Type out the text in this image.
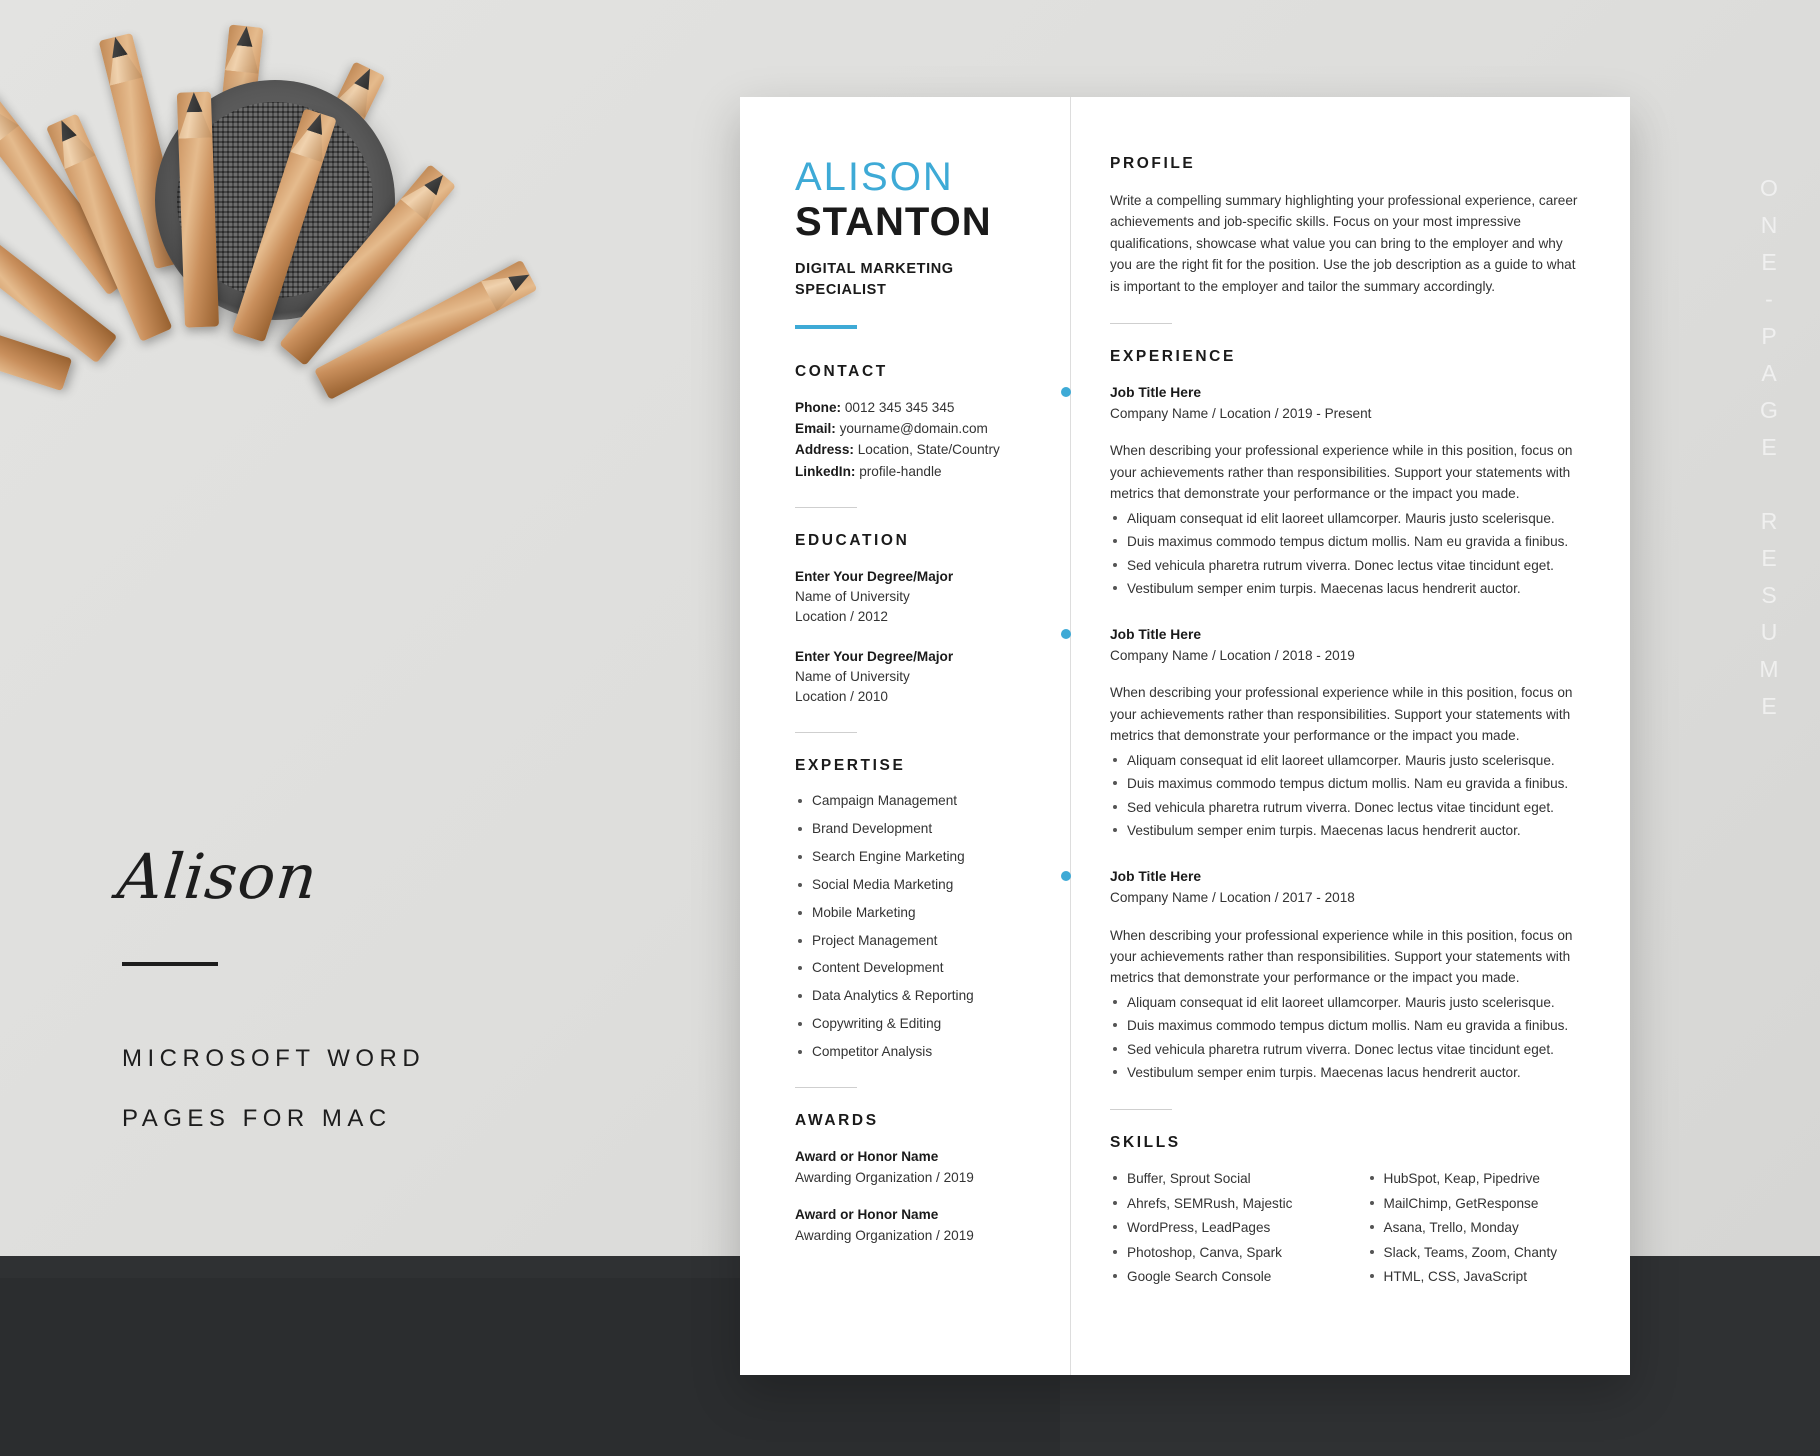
Alison
MICROSOFT WORD
PAGES FOR MAC
ONE-PAGE RESUME
ALISON
STANTON
DIGITAL MARKETING SPECIALIST
CONTACT
Phone: 0012 345 345 345
Email: yourname@domain.com
Address: Location, State/Country
LinkedIn: profile-handle
EDUCATION
Enter Your Degree/Major
Name of University
Location / 2012
Enter Your Degree/Major
Name of University
Location / 2010
EXPERTISE
Campaign Management
Brand Development
Search Engine Marketing
Social Media Marketing
Mobile Marketing
Project Management
Content Development
Data Analytics & Reporting
Copywriting & Editing
Competitor Analysis
AWARDS
Award or Honor Name
Awarding Organization / 2019
Award or Honor Name
Awarding Organization / 2019
PROFILE
Write a compelling summary highlighting your professional experience, career achievements and job-specific skills. Focus on your most impressive qualifications, showcase what value you can bring to the employer and why you are the right fit for the position. Use the job description as a guide to what is important to the employer and tailor the summary accordingly.
EXPERIENCE
Job Title Here
Company Name / Location / 2019 - Present
When describing your professional experience while in this position, focus on your achievements rather than responsibilities. Support your statements with metrics that demonstrate your performance or the impact you made.
Aliquam consequat id elit laoreet ullamcorper. Mauris justo scelerisque.
Duis maximus commodo tempus dictum mollis. Nam eu gravida a finibus.
Sed vehicula pharetra rutrum viverra. Donec lectus vitae tincidunt eget.
Vestibulum semper enim turpis. Maecenas lacus hendrerit auctor.
Job Title Here
Company Name / Location / 2018 - 2019
When describing your professional experience while in this position, focus on your achievements rather than responsibilities. Support your statements with metrics that demonstrate your performance or the impact you made.
Aliquam consequat id elit laoreet ullamcorper. Mauris justo scelerisque.
Duis maximus commodo tempus dictum mollis. Nam eu gravida a finibus.
Sed vehicula pharetra rutrum viverra. Donec lectus vitae tincidunt eget.
Vestibulum semper enim turpis. Maecenas lacus hendrerit auctor.
Job Title Here
Company Name / Location / 2017 - 2018
When describing your professional experience while in this position, focus on your achievements rather than responsibilities. Support your statements with metrics that demonstrate your performance or the impact you made.
Aliquam consequat id elit laoreet ullamcorper. Mauris justo scelerisque.
Duis maximus commodo tempus dictum mollis. Nam eu gravida a finibus.
Sed vehicula pharetra rutrum viverra. Donec lectus vitae tincidunt eget.
Vestibulum semper enim turpis. Maecenas lacus hendrerit auctor.
SKILLS
Buffer, Sprout Social
Ahrefs, SEMRush, Majestic
WordPress, LeadPages
Photoshop, Canva, Spark
Google Search Console
HubSpot, Keap, Pipedrive
MailChimp, GetResponse
Asana, Trello, Monday
Slack, Teams, Zoom, Chanty
HTML, CSS, JavaScript
